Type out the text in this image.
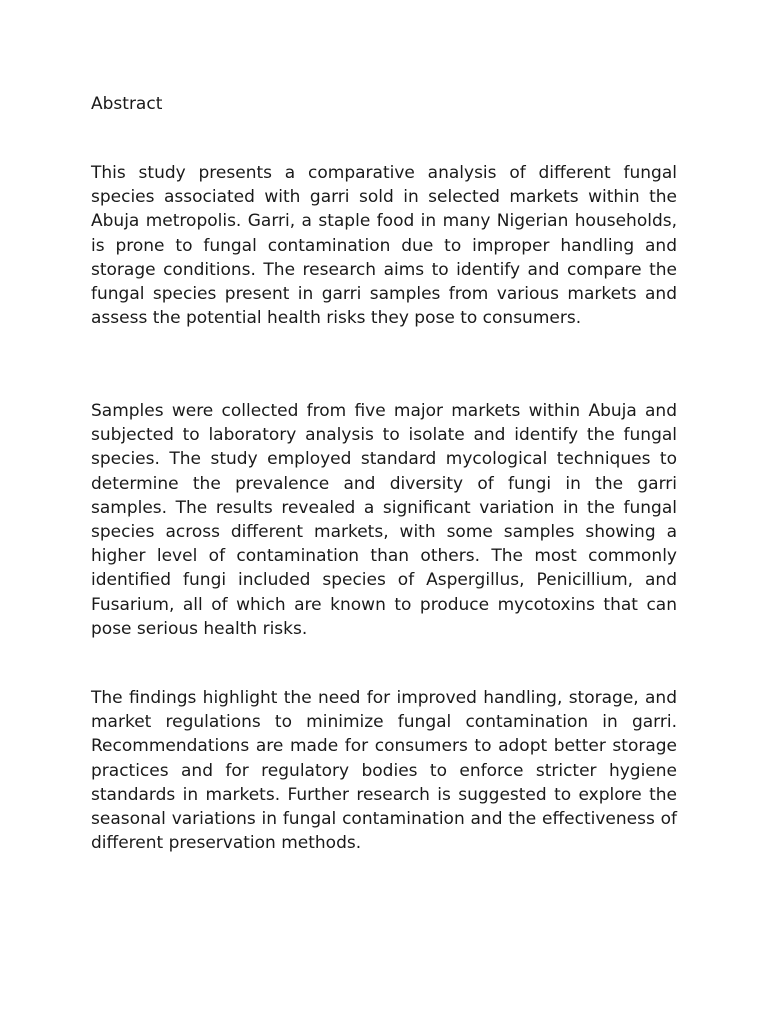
Abstract

This study presents a comparative analysis of different fungal species associated with garri sold in selected markets within the Abuja metropolis. Garri, a staple food in many Nigerian households, is prone to fungal contamination due to improper handling and storage conditions. The research aims to identify and compare the fungal species present in garri samples from various markets and assess the potential health risks they pose to consumers.

Samples were collected from five major markets within Abuja and subjected to laboratory analysis to isolate and identify the fungal species. The study employed standard mycological techniques to determine the prevalence and diversity of fungi in the garri samples. The results revealed a significant variation in the fungal species across different markets, with some samples showing a higher level of contamination than others. The most commonly identified fungi included species of Aspergillus, Penicillium, and Fusarium, all of which are known to produce mycotoxins that can pose serious health risks.

The findings highlight the need for improved handling, storage, and market regulations to minimize fungal contamination in garri. Recommendations are made for consumers to adopt better storage practices and for regulatory bodies to enforce stricter hygiene standards in markets. Further research is suggested to explore the seasonal variations in fungal contamination and the effectiveness of different preservation methods.
